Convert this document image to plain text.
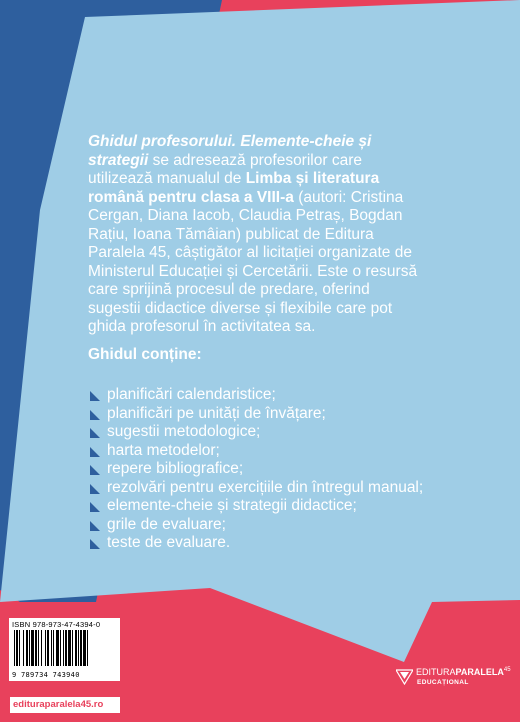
Ghidul profesorului. Elemente-cheie și strategii se adresează profesorilor care utilizează manualul de Limba și literatura română pentru clasa a VIII-a (autori: Cristina Cergan, Diana Iacob, Claudia Petraș, Bogdan Rațiu, Ioana Tămâian) publicat de Editura Paralela 45, câștigător al licitației organizate de Ministerul Educației și Cercetării. Este o resursă care sprijină procesul de predare, oferind sugestii didactice diverse și flexibile care pot ghida profesorul în activitatea sa.

Ghidul conține:
planificări calendaristice;
planificări pe unități de învățare;
sugestii metodologice;
harta metodelor;
repere bibliografice;
rezolvări pentru exercițiile din întregul manual;
elemente-cheie și strategii didactice;
grile de evaluare;
teste de evaluare.
ISBN 978-973-47-4394-0
9 789734 743940
editurаparalela45.ro
EDITURAPARALELA$^{45}$
EDUCAȚIONAL
